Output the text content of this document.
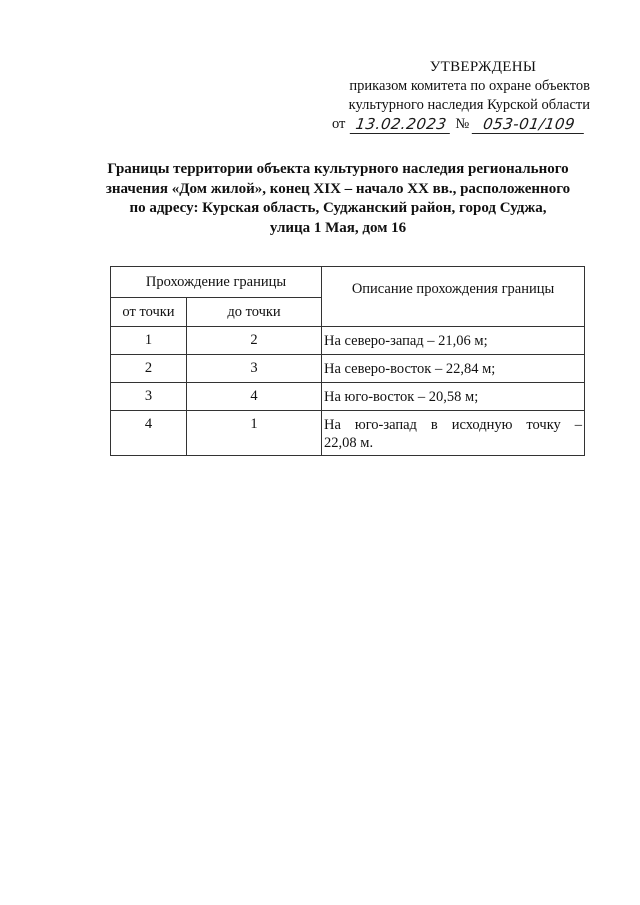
УТВЕРЖДЕНЫ
приказом комитета по охране объектов
культурного наследия Курской области
от 13.02.2023 № 053-01/109
Границы территории объекта культурного наследия регионального
значения «Дом жилой», конец XIX – начало XX вв., расположенного
по адресу: Курская область, Суджанский район, город Суджа,
улица 1 Мая, дом 16
Прохождение границы		Описание прохождения границы
от точки	до точки	
1	2	На северо-запад – 21,06 м;
2	3	На северо-восток – 22,84 м;
3	4	На юго-восток – 20,58 м;
4	1	На юго-запад в исходную точку –
22,08 м.
